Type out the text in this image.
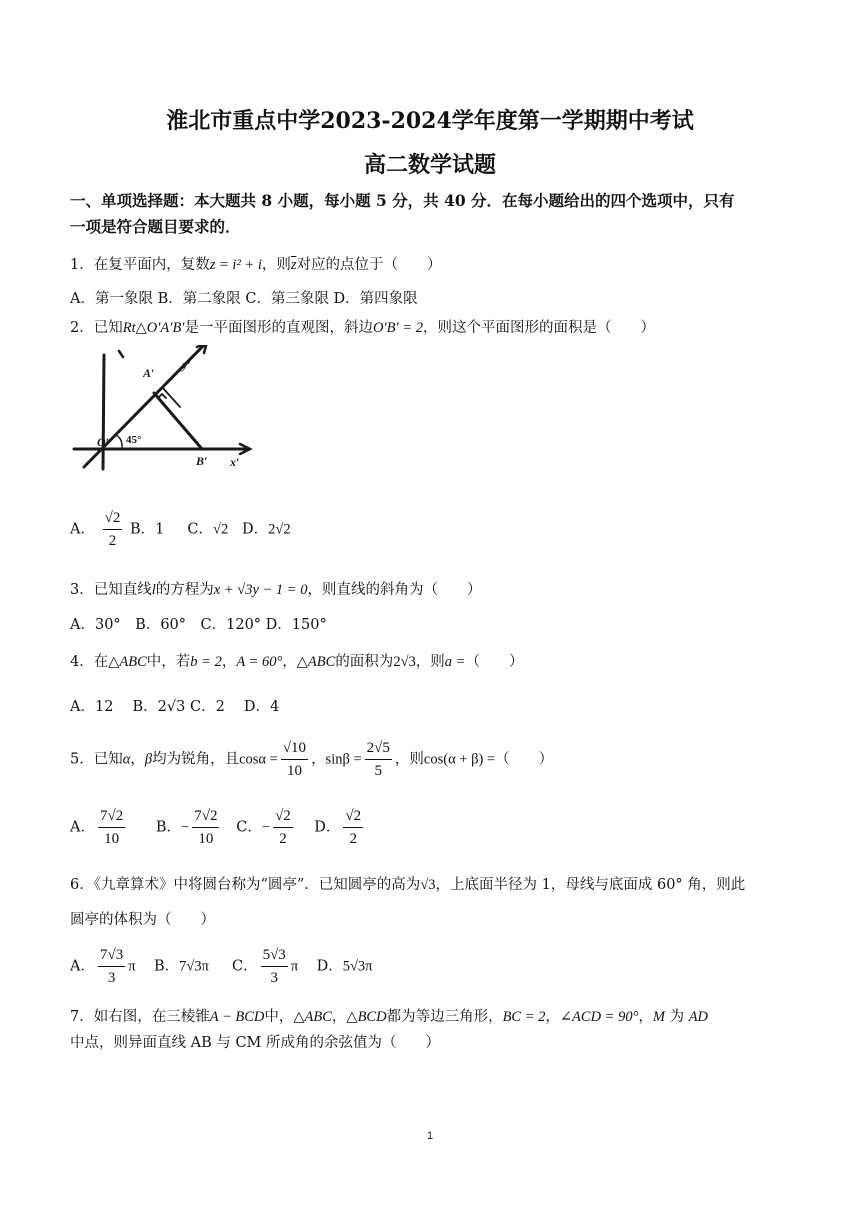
淮北市重点中学2023-2024学年度第一学期期中考试
高二数学试题
一、单项选择题：本大题共 8 小题，每小题 5 分，共 40 分．在每小题给出的四个选项中，只有
一项是符合题目要求的．
1．在复平面内，复数z = i² + i，则$\overline{z}$对应的点位于（　　）
A．第一象限 B．第二象限 C．第三象限 D．第四象限
2．已知Rt△O′A′B′是一平面图形的直观图，斜边O′B′ = 2，则这个平面图形的面积是（　　）
y′
A′
O′
B′ x′
45°
A． $\frac{√2}{2}$ B．1 C．√2 D．2√2
3．已知直线l的方程为x + √3y − 1 = 0，则直线的斜角为（　　）
A．30°　B．60°　C．120° D．150°
4．在△ABC中，若b = 2，A = 60°，△ABC的面积为2√3，则a =（　　）
A．12　 B．2√3 C．2　 D．4
5．已知α，β均为锐角，且$\cos\alpha = \frac{√10}{10}$ ，$\sin\beta = \frac{2√5}{5}$ ，则cos(α + β) =（　　）
A． $\frac{7√2}{10}$ B．− $\frac{7√2}{10}$ C．− $\frac{√2}{2}$ D． $\frac{√2}{2}$
6．《九章算术》中将圆台称为“圆亭”．已知圆亭的高为√3，上底面半径为 1，母线与底面成 60° 角，则此
圆亭的体积为（　　）
A． $\frac{7√3}{3}$ π B．7√3π C． $\frac{5√3}{3}$ π D．5√3π
7．如右图，在三棱锥A − BCD中，△ABC，△BCD都为等边三角形，BC = 2，∠ACD = 90°，M 为 AD
中点，则异面直线 AB 与 CM 所成角的余弦值为（　　）
1
